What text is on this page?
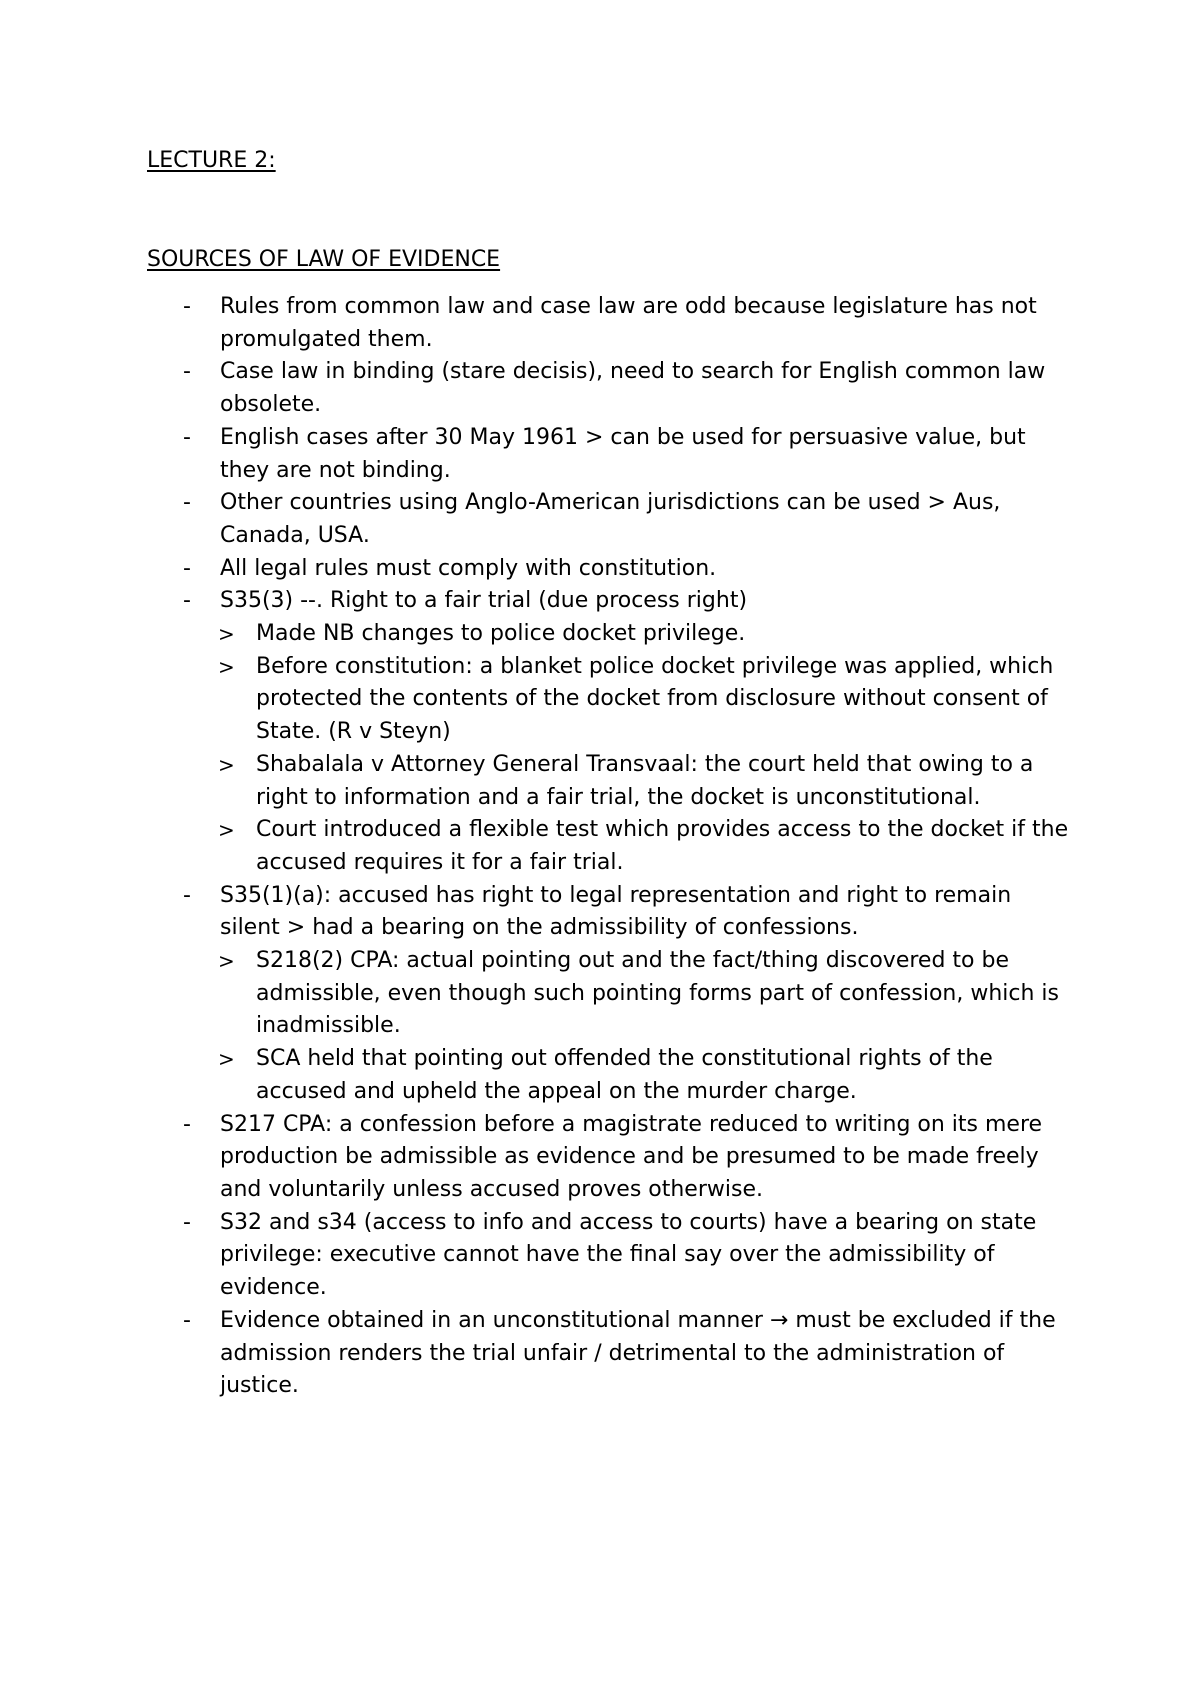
LECTURE 2:
SOURCES OF LAW OF EVIDENCE
- Rules from common law and case law are odd because legislature has not promulgated them.
- Case law in binding (stare decisis), need to search for English common law obsolete.
- English cases after 30 May 1961 > can be used for persuasive value, but they are not binding.
- Other countries using Anglo-American jurisdictions can be used > Aus, Canada, USA.
- All legal rules must comply with constitution.
- S35(3) --. Right to a fair trial (due process right)
> Made NB changes to police docket privilege.
> Before constitution: a blanket police docket privilege was applied, which protected the contents of the docket from disclosure without consent of State. (R v Steyn)
> Shabalala v Attorney General Transvaal: the court held that owing to a right to information and a fair trial, the docket is unconstitutional.
> Court introduced a flexible test which provides access to the docket if the accused requires it for a fair trial.
- S35(1)(a): accused has right to legal representation and right to remain silent > had a bearing on the admissibility of confessions.
> S218(2) CPA: actual pointing out and the fact/thing discovered to be admissible, even though such pointing forms part of confession, which is inadmissible.
> SCA held that pointing out offended the constitutional rights of the accused and upheld the appeal on the murder charge.
- S217 CPA: a confession before a magistrate reduced to writing on its mere production be admissible as evidence and be presumed to be made freely and voluntarily unless accused proves otherwise.
- S32 and s34 (access to info and access to courts) have a bearing on state privilege: executive cannot have the final say over the admissibility of evidence.
- Evidence obtained in an unconstitutional manner → must be excluded if the admission renders the trial unfair / detrimental to the administration of justice.
